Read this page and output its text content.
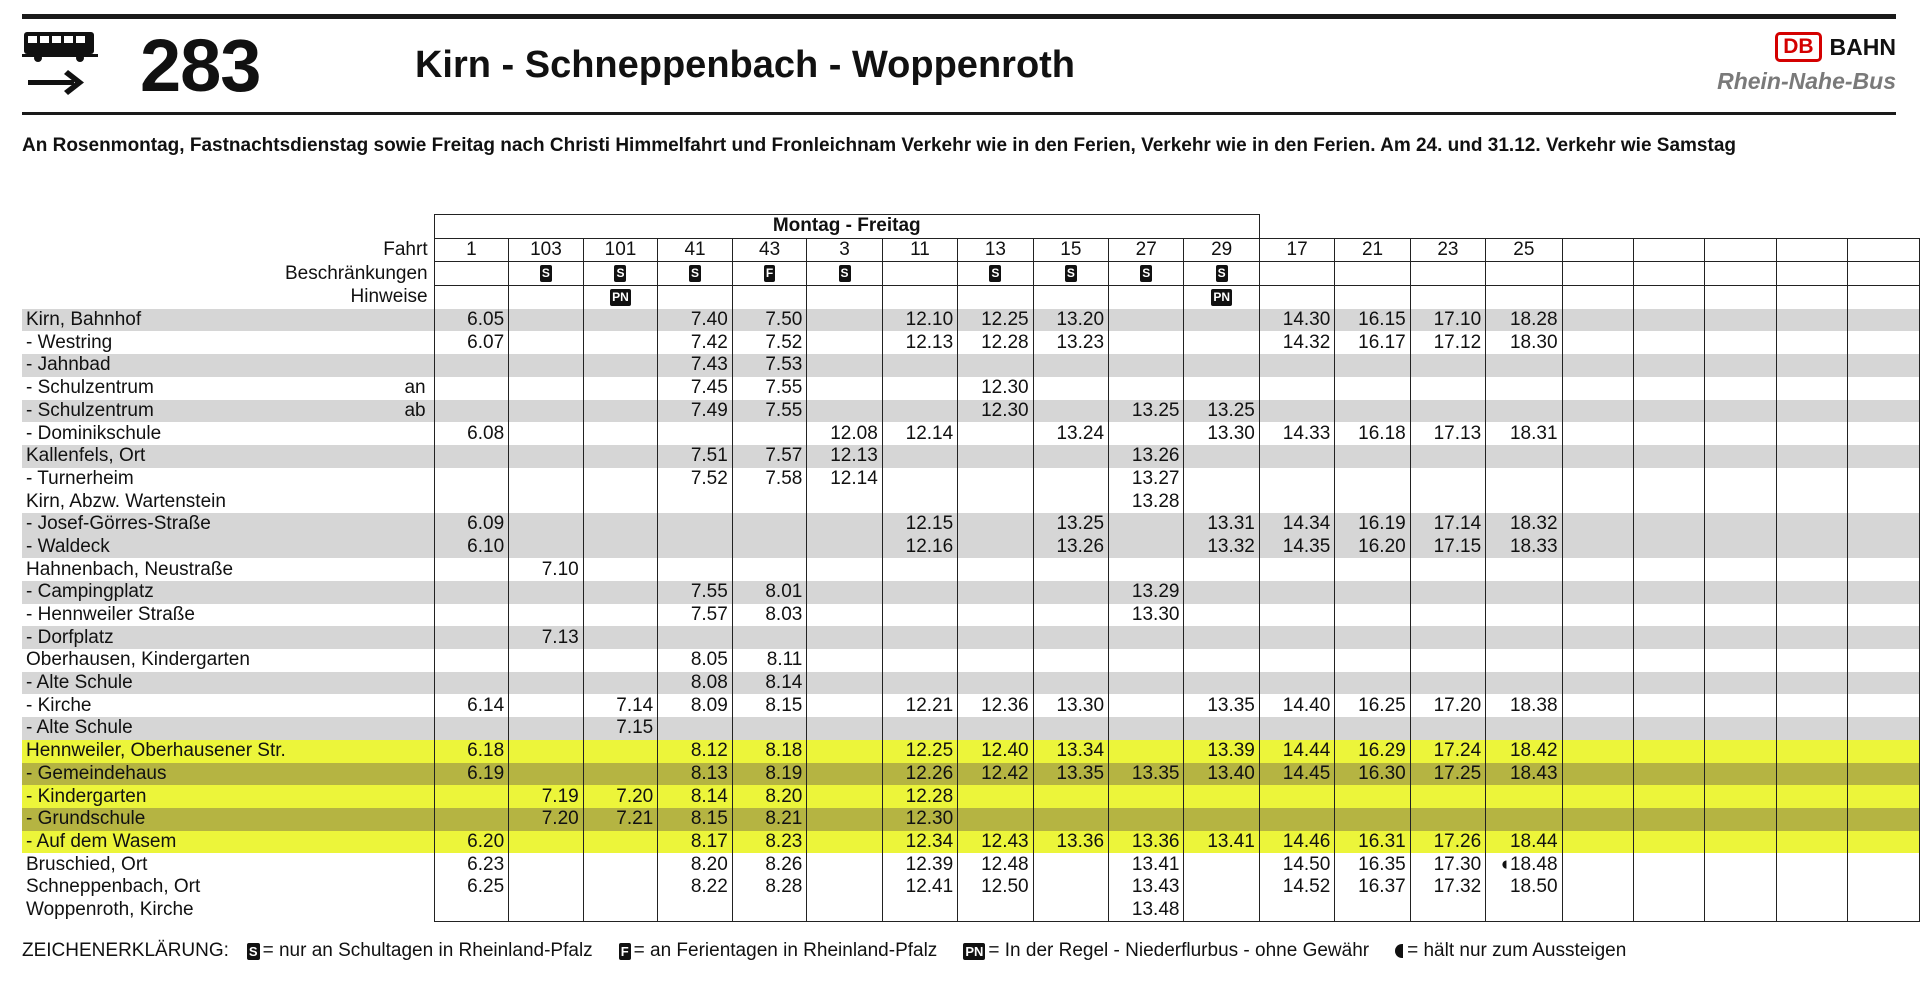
283	Kirn - Schneppenbach - Woppenroth	DB BAHN
Rhein-Nahe-Bus
An Rosenmontag, Fastnachtsdienstag sowie Freitag nach Christi Himmelfahrt und Fronleichnam Verkehr wie in den Ferien, Verkehr wie in den Ferien. Am 24. und 31.12. Verkehr wie Samstag
	Montag - Freitag																			
Fahrt	1	103	101	41	43	3	11	13	15	27	29	17	21	23	25					
Beschränkungen		S	S	S	F	S		S	S	S	S									
Hinweise			PN								PN									
Kirn, Bahnhof	6.05			7.40	7.50		12.10	12.25	13.20			14.30	16.15	17.10	18.28					
- Westring	6.07			7.42	7.52		12.13	12.28	13.23			14.32	16.17	17.12	18.30					
- Jahnbad				7.43	7.53															
- Schulzentrum an				7.45	7.55			12.30												
- Schulzentrum ab				7.49	7.55			12.30		13.25	13.25									
- Dominikschule	6.08					12.08	12.14		13.24		13.30	14.33	16.18	17.13	18.31					
Kallenfels, Ort				7.51	7.57	12.13				13.26										
- Turnerheim				7.52	7.58	12.14				13.27										
Kirn, Abzw. Wartenstein										13.28										
- Josef-Görres-Straße	6.09						12.15		13.25		13.31	14.34	16.19	17.14	18.32					
- Waldeck	6.10						12.16		13.26		13.32	14.35	16.20	17.15	18.33					
Hahnenbach, Neustraße		7.10																		
- Campingplatz				7.55	8.01					13.29										
- Hennweiler Straße				7.57	8.03					13.30										
- Dorfplatz		7.13																		
Oberhausen, Kindergarten				8.05	8.11															
- Alte Schule				8.08	8.14															
- Kirche	6.14		7.14	8.09	8.15		12.21	12.36	13.30		13.35	14.40	16.25	17.20	18.38					
- Alte Schule			7.15																	
Hennweiler, Oberhausener Str.	6.18			8.12	8.18		12.25	12.40	13.34		13.39	14.44	16.29	17.24	18.42					
- Gemeindehaus	6.19			8.13	8.19		12.26	12.42	13.35	13.35	13.40	14.45	16.30	17.25	18.43					
- Kindergarten		7.19	7.20	8.14	8.20		12.28													
- Grundschule		7.20	7.21	8.15	8.21		12.30													
- Auf dem Wasem	6.20			8.17	8.23		12.34	12.43	13.36	13.36	13.41	14.46	16.31	17.26	18.44					
Bruschied, Ort	6.23			8.20	8.26		12.39	12.48		13.41		14.50	16.35	17.30	◖18.48					
Schneppenbach, Ort	6.25			8.22	8.28		12.41	12.50		13.43		14.52	16.37	17.32	18.50					
Woppenroth, Kirche										13.48										
ZEICHENERKLÄRUNG: S = nur an Schultagen in Rheinland-Pfalz F = an Ferientagen in Rheinland-Pfalz PN = In der Regel - Niederflurbus - ohne Gewähr = hält nur zum Aussteigen
